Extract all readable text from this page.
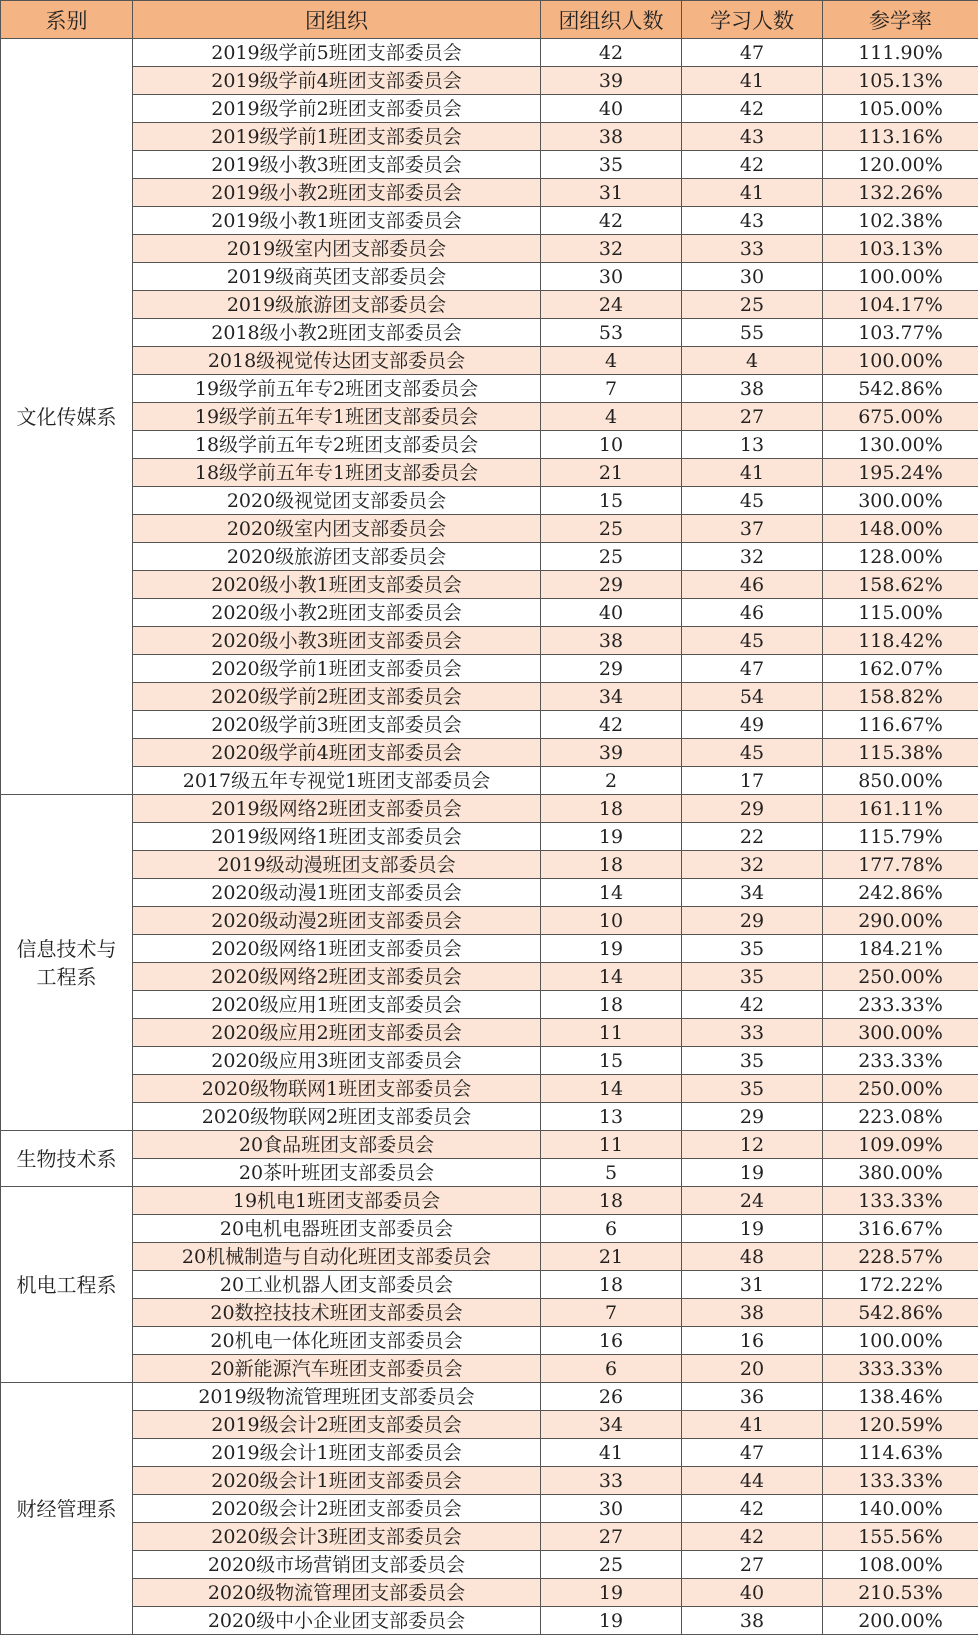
系别	团组织	团组织人数	学习人数	参学率
文化传媒系	2019级学前5班团支部委员会	42	47	111.90%
	2019级学前4班团支部委员会	39	41	105.13%
	2019级学前2班团支部委员会	40	42	105.00%
	2019级学前1班团支部委员会	38	43	113.16%
	2019级小教3班团支部委员会	35	42	120.00%
	2019级小教2班团支部委员会	31	41	132.26%
	2019级小教1班团支部委员会	42	43	102.38%
	2019级室内团支部委员会	32	33	103.13%
	2019级商英团支部委员会	30	30	100.00%
	2019级旅游团支部委员会	24	25	104.17%
	2018级小教2班团支部委员会	53	55	103.77%
	2018级视觉传达团支部委员会	4	4	100.00%
	19级学前五年专2班团支部委员会	7	38	542.86%
	19级学前五年专1班团支部委员会	4	27	675.00%
	18级学前五年专2班团支部委员会	10	13	130.00%
	18级学前五年专1班团支部委员会	21	41	195.24%
	2020级视觉团支部委员会	15	45	300.00%
	2020级室内团支部委员会	25	37	148.00%
	2020级旅游团支部委员会	25	32	128.00%
	2020级小教1班团支部委员会	29	46	158.62%
	2020级小教2班团支部委员会	40	46	115.00%
	2020级小教3班团支部委员会	38	45	118.42%
	2020级学前1班团支部委员会	29	47	162.07%
	2020级学前2班团支部委员会	34	54	158.82%
	2020级学前3班团支部委员会	42	49	116.67%
	2020级学前4班团支部委员会	39	45	115.38%
	2017级五年专视觉1班团支部委员会	2	17	850.00%
信息技术与工程系	2019级网络2班团支部委员会	18	29	161.11%
	2019级网络1班团支部委员会	19	22	115.79%
	2019级动漫班团支部委员会	18	32	177.78%
	2020级动漫1班团支部委员会	14	34	242.86%
	2020级动漫2班团支部委员会	10	29	290.00%
	2020级网络1班团支部委员会	19	35	184.21%
	2020级网络2班团支部委员会	14	35	250.00%
	2020级应用1班团支部委员会	18	42	233.33%
	2020级应用2班团支部委员会	11	33	300.00%
	2020级应用3班团支部委员会	15	35	233.33%
	2020级物联网1班团支部委员会	14	35	250.00%
	2020级物联网2班团支部委员会	13	29	223.08%
生物技术系	20食品班团支部委员会	11	12	109.09%
	20茶叶班团支部委员会	5	19	380.00%
机电工程系	19机电1班团支部委员会	18	24	133.33%
	20电机电器班团支部委员会	6	19	316.67%
	20机械制造与自动化班团支部委员会	21	48	228.57%
	20工业机器人团支部委员会	18	31	172.22%
	20数控技技术班团支部委员会	7	38	542.86%
	20机电一体化班团支部委员会	16	16	100.00%
	20新能源汽车班团支部委员会	6	20	333.33%
财经管理系	2019级物流管理班团支部委员会	26	36	138.46%
	2019级会计2班团支部委员会	34	41	120.59%
	2019级会计1班团支部委员会	41	47	114.63%
	2020级会计1班团支部委员会	33	44	133.33%
	2020级会计2班团支部委员会	30	42	140.00%
	2020级会计3班团支部委员会	27	42	155.56%
	2020级市场营销团支部委员会	25	27	108.00%
	2020级物流管理团支部委员会	19	40	210.53%
	2020级中小企业团支部委员会	19	38	200.00%
